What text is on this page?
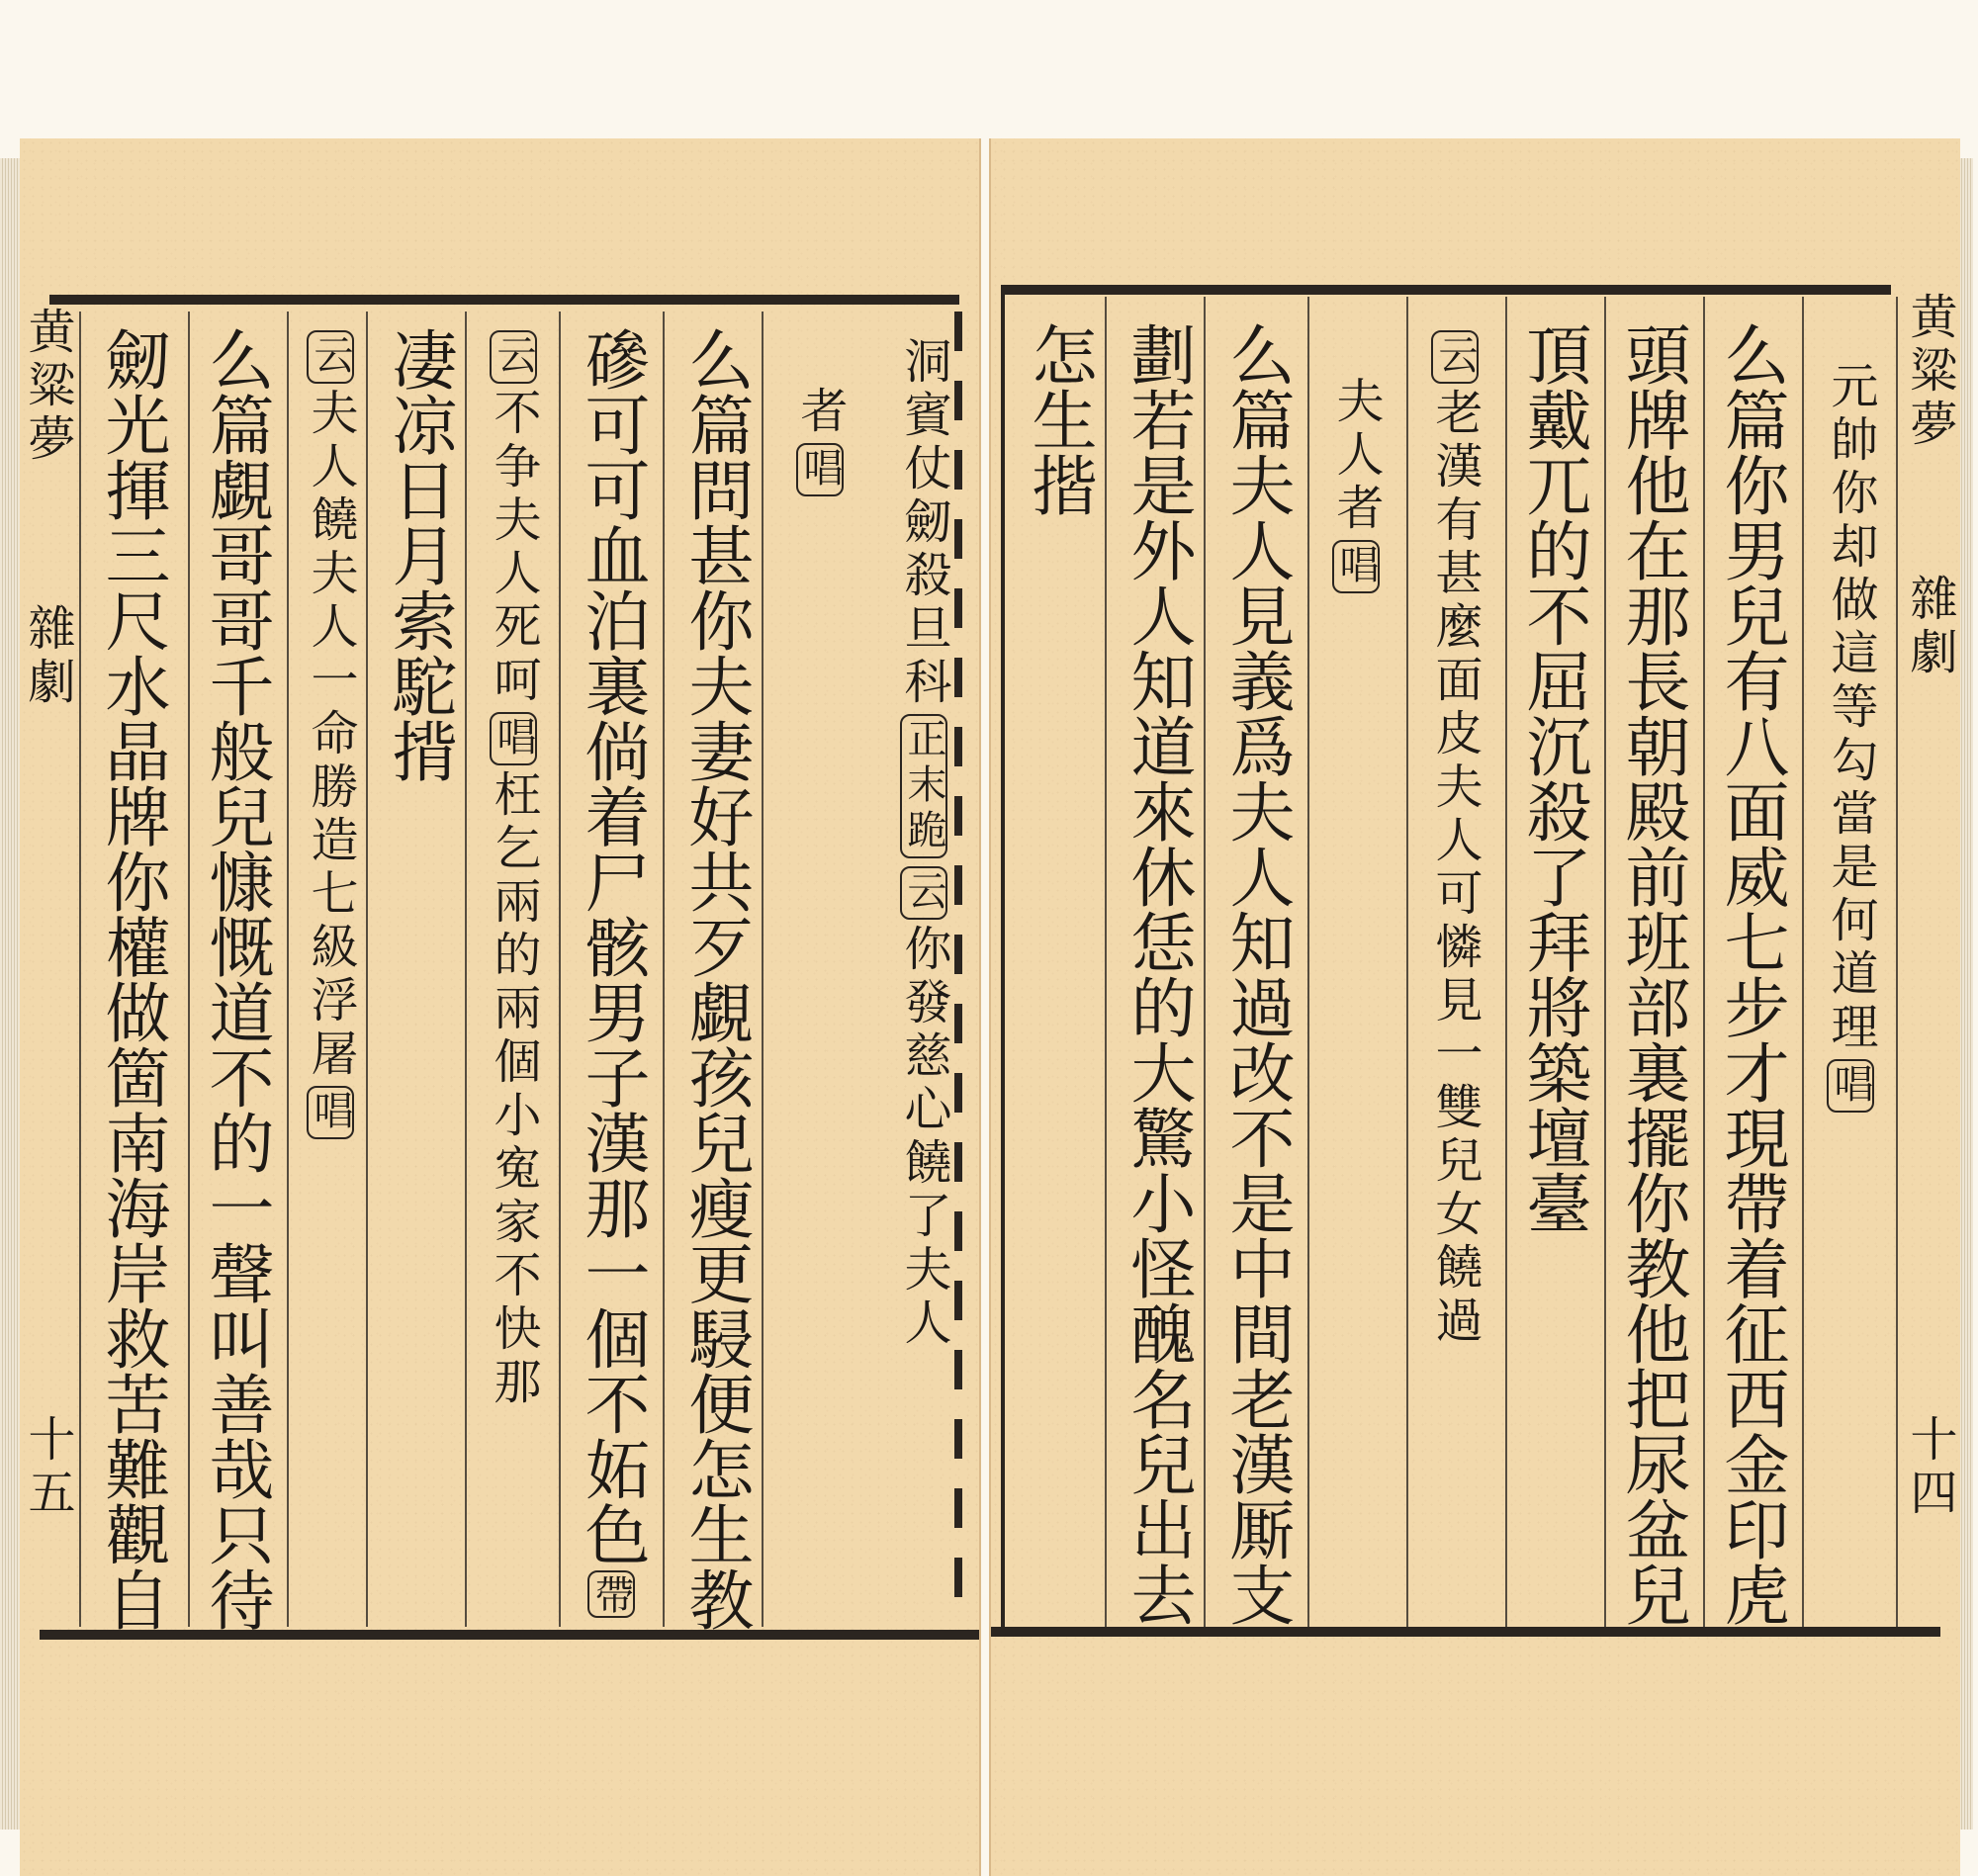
黄粱夢
雜劇
十五
洞賓仗劒殺旦科正末跪云你發慈心饒了夫人
者唱
么篇問甚你夫妻好共歹覷孩兒瘦更駸便怎生教
磣可可血泊裏倘着尸骸男子漢那一個不妬色帶
云不争夫人死呵唱枉乞兩的兩個小寃家不快那
凄凉日月索駝揹
云夫人饒夫人一命勝造七級浮屠唱
么篇覷哥哥千般兒慷慨道不的一聲叫善哉只待
劒光揮三尺水晶牌你權做箇南海岸救苦難觀自	黄粱夢
雜劇
十四
元帥你却做這等勾當是何道理唱
么篇你男兒有八面威七步才現帶着征西金印虎
頭牌他在那長朝殿前班部裏擺你教他把尿盆兒
頂戴兀的不屈沉殺了拜將築壇臺
云老漢有甚麼面皮夫人可憐見一雙兒女饒過
夫人者唱
么篇夫人見義爲夫人知過改不是中間老漢厮支
劃若是外人知道來休恁的大驚小怪醜名兒出去
怎生揩
